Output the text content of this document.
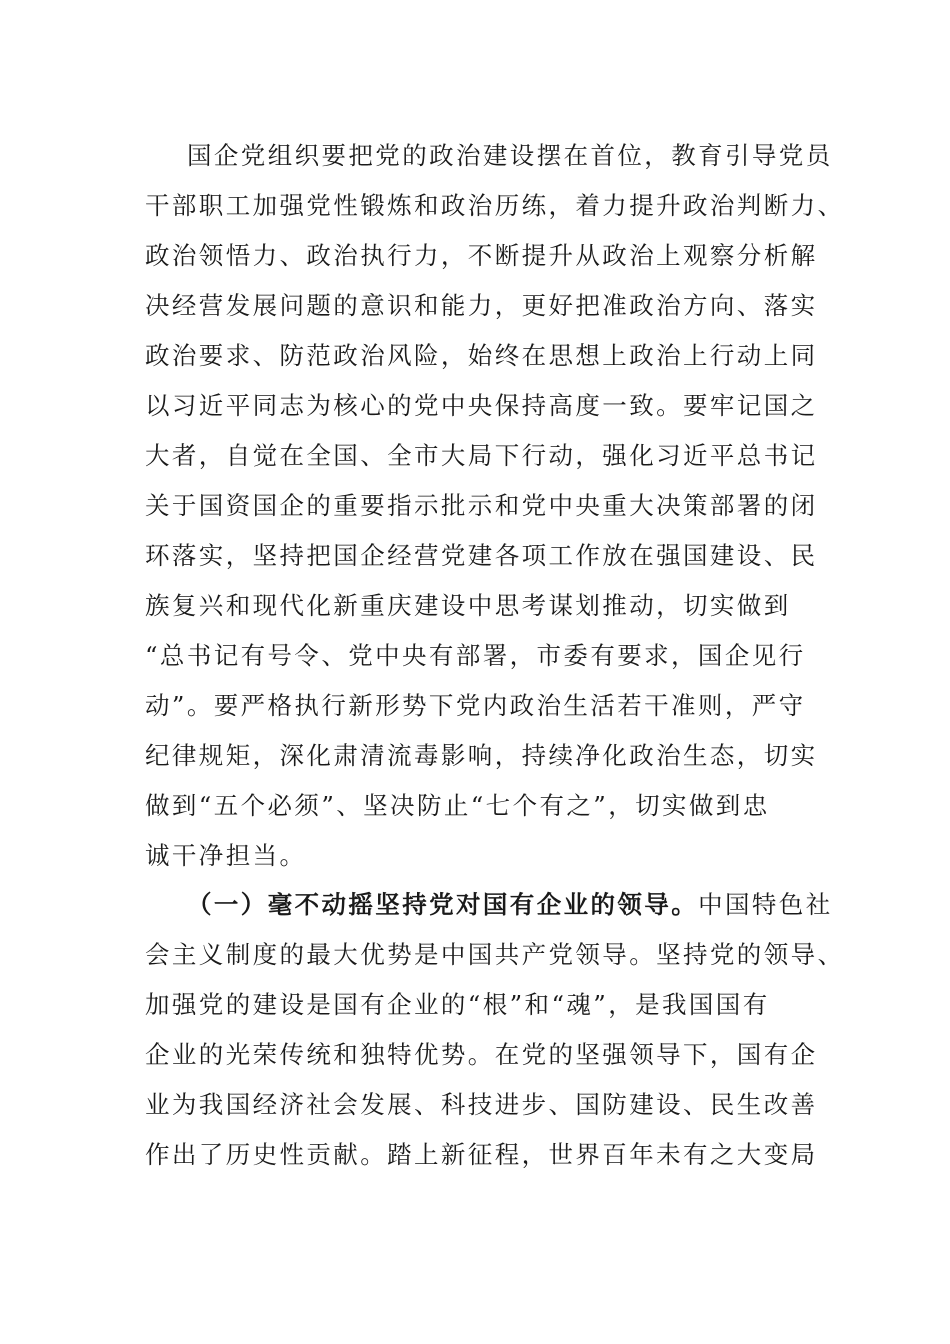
国企党组织要把党的政治建设摆在首位，教育引导党员
干部职工加强党性锻炼和政治历练，着力提升政治判断力、
政治领悟力、政治执行力，不断提升从政治上观察分析解
决经营发展问题的意识和能力，更好把准政治方向、落实
政治要求、防范政治风险，始终在思想上政治上行动上同
以习近平同志为核心的党中央保持高度一致。要牢记国之
大者，自觉在全国、全市大局下行动，强化习近平总书记
关于国资国企的重要指示批示和党中央重大决策部署的闭
环落实，坚持把国企经营党建各项工作放在强国建设、民
族复兴和现代化新重庆建设中思考谋划推动，切实做到
“总书记有号令、党中央有部署，市委有要求，国企见行
动”。要严格执行新形势下党内政治生活若干准则，严守
纪律规矩，深化肃清流毒影响，持续净化政治生态，切实
做到“五个必须”、坚决防止“七个有之”，切实做到忠
诚干净担当。
（一）毫不动摇坚持党对国有企业的领导。中国特色社
会主义制度的最大优势是中国共产党领导。坚持党的领导、
加强党的建设是国有企业的“根”和“魂”，是我国国有
企业的光荣传统和独特优势。在党的坚强领导下，国有企
业为我国经济社会发展、科技进步、国防建设、民生改善
作出了历史性贡献。踏上新征程，世界百年未有之大变局
